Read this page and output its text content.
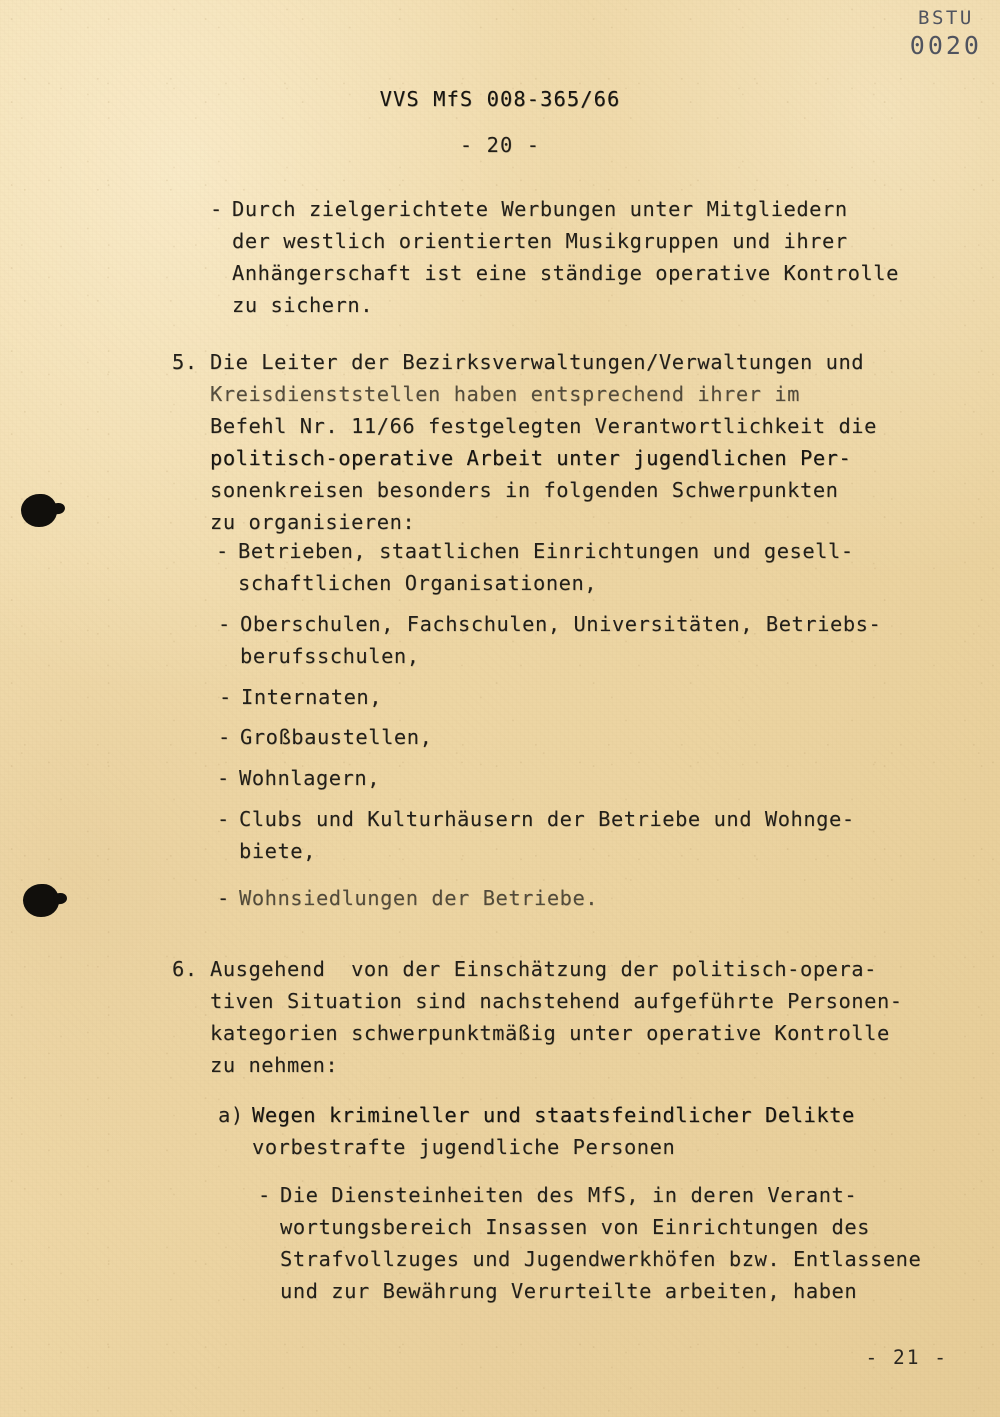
BSTU
0020
VVS MfS 008-365/66
- 20 -
- Durch zielgerichtete Werbungen unter Mitgliedern
der westlich orientierten Musikgruppen und ihrer
Anhängerschaft ist eine ständige operative Kontrolle
zu sichern.
5. Die Leiter der Bezirksverwaltungen/Verwaltungen und
Kreisdienststellen haben entsprechend ihrer im
Befehl Nr. 11/66 festgelegten Verantwortlichkeit die
politisch-operative Arbeit unter jugendlichen Per-
sonenkreisen besonders in folgenden Schwerpunkten
zu organisieren:
- Betrieben, staatlichen Einrichtungen und gesell-
schaftlichen Organisationen,
- Oberschulen, Fachschulen, Universitäten, Betriebs-
berufsschulen,
- Internaten,
- Großbaustellen,
- Wohnlagern,
- Clubs und Kulturhäusern der Betriebe und Wohnge-
biete,
- Wohnsiedlungen der Betriebe.
6. Ausgehend  von der Einschätzung der politisch-opera-
tiven Situation sind nachstehend aufgeführte Personen-
kategorien schwerpunktmäßig unter operative Kontrolle
zu nehmen:
a) Wegen krimineller und staatsfeindlicher Delikte
vorbestrafte jugendliche Personen
- Die Diensteinheiten des MfS, in deren Verant-
wortungsbereich Insassen von Einrichtungen des
Strafvollzuges und Jugendwerkhöfen bzw. Entlassene
und zur Bewährung Verurteilte arbeiten, haben
- 21 -
